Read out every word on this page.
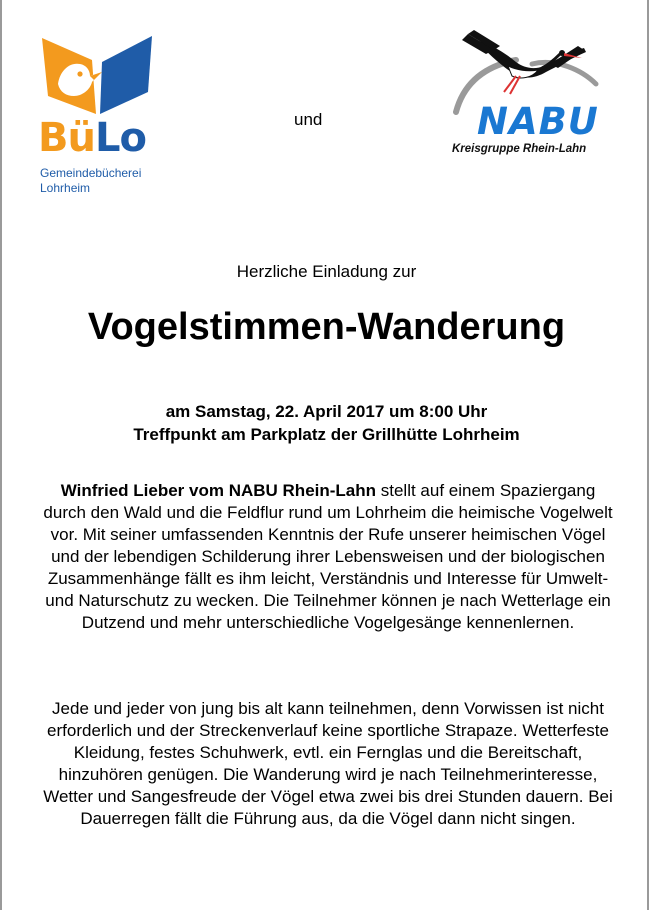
BüLo
Gemeindebücherei
Lohrheim
und	NABU
Kreisgruppe Rhein-Lahn
Herzliche Einladung zur
Vogelstimmen-Wanderung
am Samstag, 22. April 2017 um 8:00 Uhr
Treffpunkt am Parkplatz der Grillhütte Lohrheim
Winfried Lieber vom NABU Rhein-Lahn stellt auf einem Spaziergang durch den Wald und die Feldflur rund um Lohrheim die heimische Vogelwelt vor. Mit seiner umfassenden Kenntnis der Rufe unserer heimischen Vögel und der lebendigen Schilderung ihrer Lebensweisen und der biologischen Zusammenhänge fällt es ihm leicht, Verständnis und Interesse für Umwelt- und Naturschutz zu wecken. Die Teilnehmer können je nach Wetterlage ein Dutzend und mehr unterschiedliche Vogelgesänge kennenlernen.
Jede und jeder von jung bis alt kann teilnehmen, denn Vorwissen ist nicht erforderlich und der Streckenverlauf keine sportliche Strapaze. Wetterfeste Kleidung, festes Schuhwerk, evtl. ein Fernglas und die Bereitschaft, hinzuhören genügen. Die Wanderung wird je nach Teilnehmerinteresse, Wetter und Sangesfreude der Vögel etwa zwei bis drei Stunden dauern. Bei Dauerregen fällt die Führung aus, da die Vögel dann nicht singen.
